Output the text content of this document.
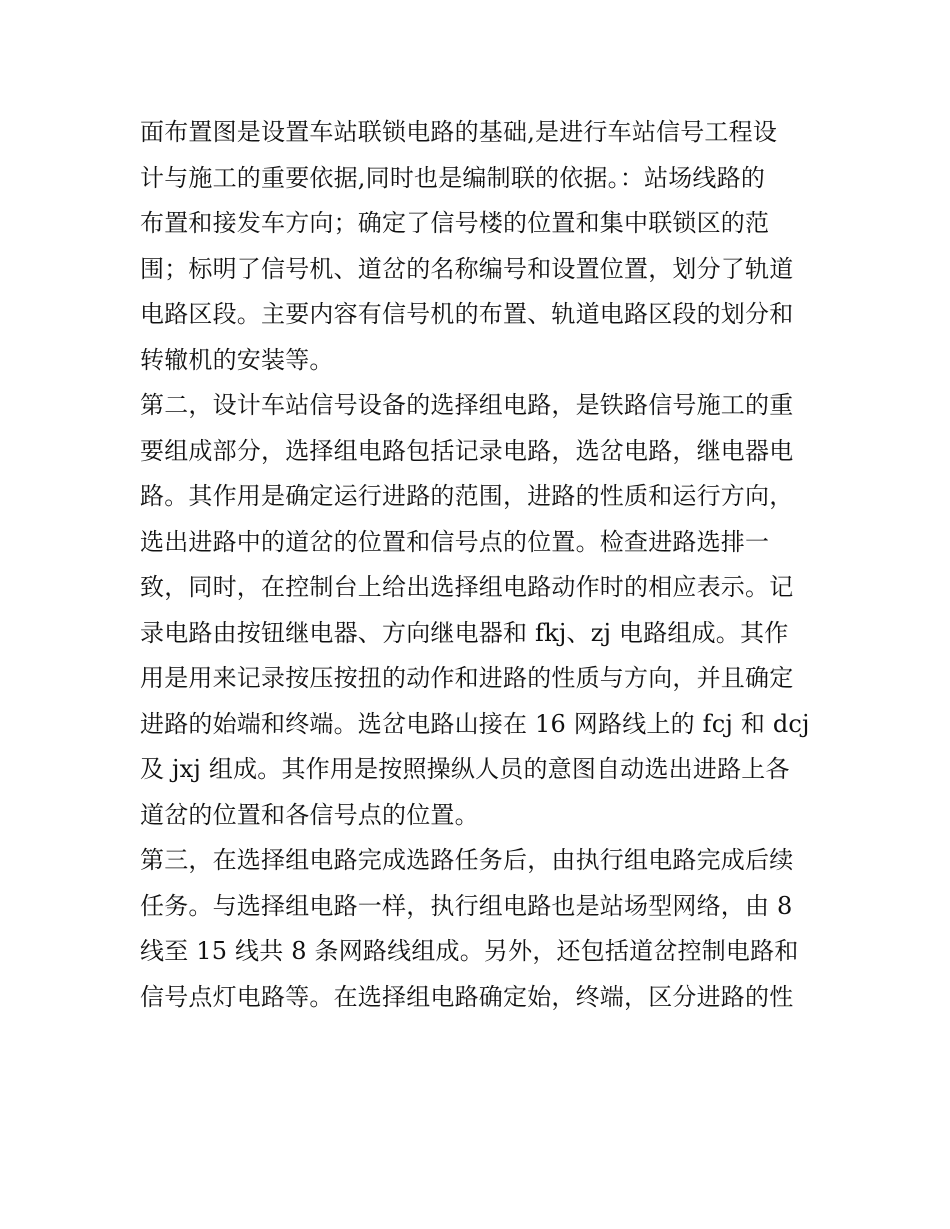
面布置图是设置车站联锁电路的基础,是进行车站信号工程设
计与施工的重要依据,同时也是编制联的依据。：站场线路的
布置和接发车方向；确定了信号楼的位置和集中联锁区的范
围；标明了信号机、道岔的名称编号和设置位置，划分了轨道
电路区段。主要内容有信号机的布置、轨道电路区段的划分和
转辙机的安装等。
第二，设计车站信号设备的选择组电路，是铁路信号施工的重
要组成部分，选择组电路包括记录电路，选岔电路，继电器电
路。其作用是确定运行进路的范围，进路的性质和运行方向，
选出进路中的道岔的位置和信号点的位置。检查进路选排一
致，同时，在控制台上给出选择组电路动作时的相应表示。记
录电路由按钮继电器、方向继电器和 fkj、zj 电路组成。其作
用是用来记录按压按扭的动作和进路的性质与方向，并且确定
进路的始端和终端。选岔电路山接在 16 网路线上的 fcj 和 dcj
及 jxj 组成。其作用是按照操纵人员的意图自动选出进路上各
道岔的位置和各信号点的位置。
第三，在选择组电路完成选路任务后，由执行组电路完成后续
任务。与选择组电路一样，执行组电路也是站场型网络，由 8
线至 15 线共 8 条网路线组成。另外，还包括道岔控制电路和
信号点灯电路等。在选择组电路确定始，终端，区分进路的性
